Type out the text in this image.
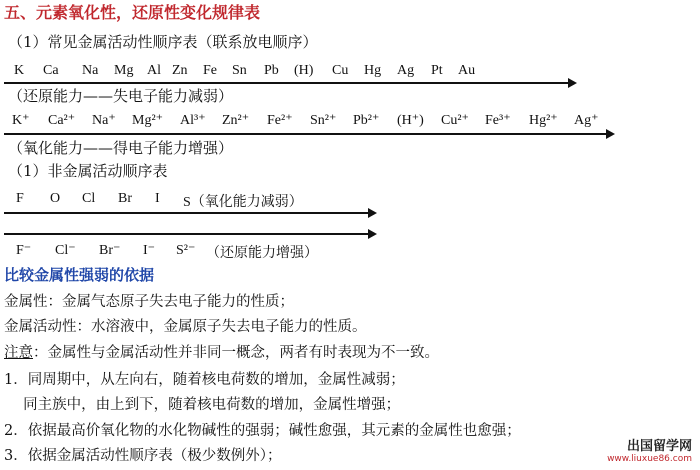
五、元素氧化性，还原性变化规律表
（1）常见金属活动性顺序表（联系放电顺序）
K Ca Na Mg Al Zn Fe Sn Pb (H) Cu Hg Ag Pt Au
（还原能力——失电子能力减弱）
K⁺ Ca²⁺ Na⁺ Mg²⁺ Al³⁺ Zn²⁺ Fe²⁺ Sn²⁺ Pb²⁺ (H⁺) Cu²⁺ Fe³⁺ Hg²⁺ Ag⁺
（氧化能力——得电子能力增强）
（1）非金属活动顺序表
F O Cl Br I S（氧化能力减弱）
F⁻ Cl⁻ Br⁻ I⁻ S²⁻ （还原能力增强）
比较金属性强弱的依据
金属性：金属气态原子失去电子能力的性质；
金属活动性：水溶液中，金属原子失去电子能力的性质。
注意：金属性与金属活动性并非同一概念，两者有时表现为不一致。
1．同周期中，从左向右，随着核电荷数的增加，金属性减弱；
　 同主族中，由上到下，随着核电荷数的增加，金属性增强；
2．依据最高价氧化物的水化物碱性的强弱；碱性愈强，其元素的金属性也愈强；
3．依据金属活动性顺序表（极少数例外）；
出国留学网
www.liuxue86.com
